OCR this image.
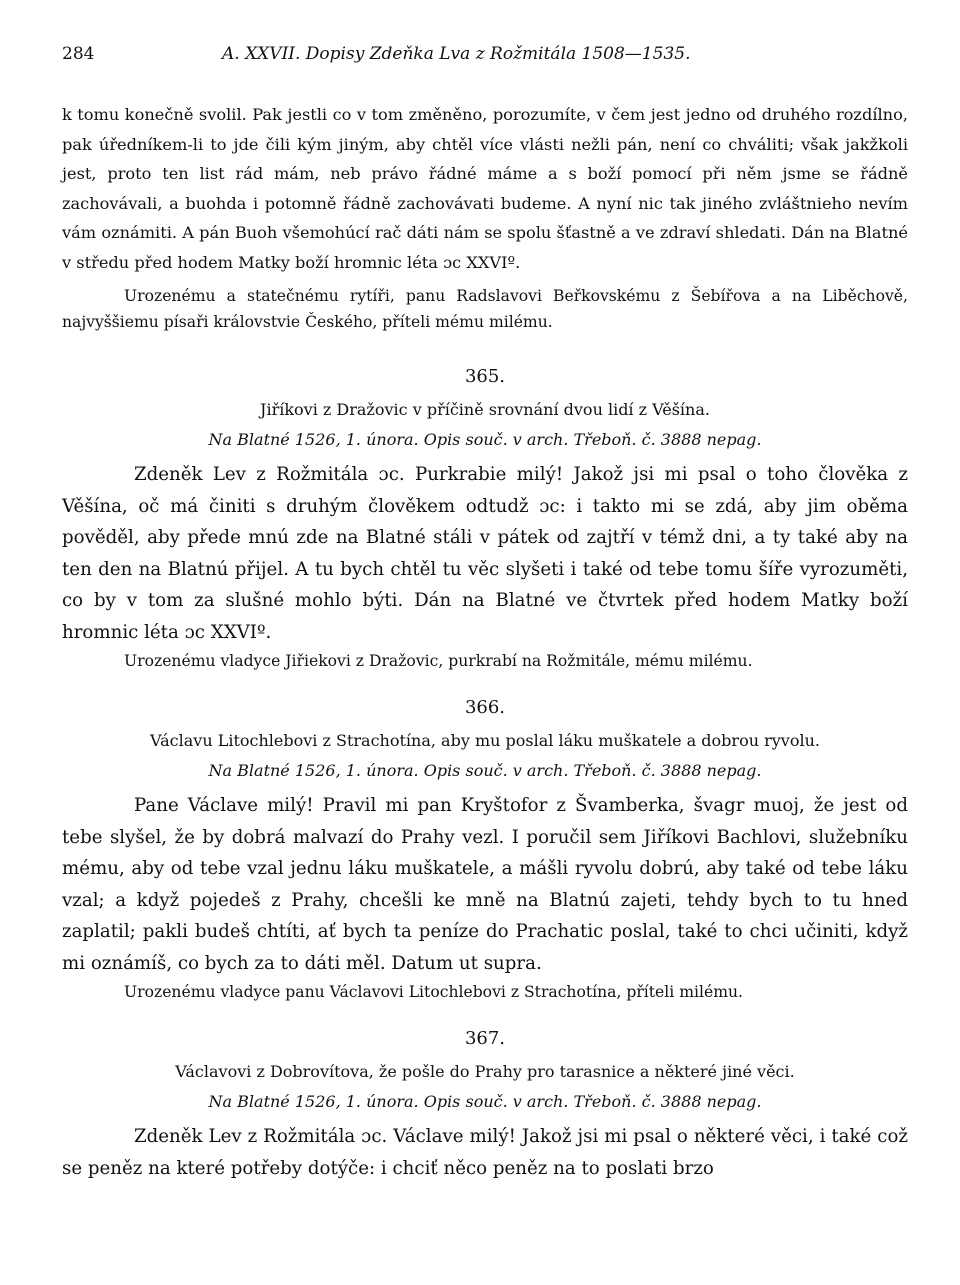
284	A. XXVII. Dopisy Zdeňka Lva z Rožmitála 1508—1535.

k tomu konečně svolil. Pak jestli co v tom změněno, porozumíte, v čem jest jedno od druhého rozdílno, pak úředníkem-li to jde čili kým jiným, aby chtěl více vlásti nežli pán, není co chváliti; však jakžkoli jest, proto ten list rád mám, neb právo řádné máme a s boží pomocí při něm jsme se řádně zachovávali, a buohda i potomně řádně zachovávati budeme. A nyní nic tak jiného zvláštnieho nevím vám oznámiti. A pán Buoh všemohúcí rač dáti nám se spolu šťastně a ve zdraví shledati. Dán na Blatné v středu před hodem Matky boží hromnic léta ɔc XXVIº.

Urozenému a statečnému rytíři, panu Radslavovi Beřkovskému z Šebířova a na Liběchově, najvyššiemu písaři královstvie Českého, příteli mému milému.

365.

Jiříkovi z Dražovic v příčině srovnání dvou lidí z Věšína.

Na Blatné 1526, 1. února. Opis souč. v arch. Třeboň. č. 3888 nepag.

Zdeněk Lev z Rožmitála ɔc. Purkrabie milý! Jakož jsi mi psal o toho člověka z Věšína, oč má činiti s druhým člověkem odtudž ɔc: i takto mi se zdá, aby jim oběma pověděl, aby přede mnú zde na Blatné stáli v pátek od zajtří v témž dni, a ty také aby na ten den na Blatnú přijel. A tu bych chtěl tu věc slyšeti i také od tebe tomu šíře vyrozuměti, co by v tom za slušné mohlo býti. Dán na Blatné ve čtvrtek před hodem Matky boží hromnic léta ɔc XXVIº.

Urozenému vladyce Jiřiekovi z Dražovic, purkrabí na Rožmitále, mému milému.

366.

Václavu Litochlebovi z Strachotína, aby mu poslal láku muškatele a dobrou ryvolu.

Na Blatné 1526, 1. února. Opis souč. v arch. Třeboň. č. 3888 nepag.

Pane Václave milý! Pravil mi pan Kryštofor z Švamberka, švagr muoj, že jest od tebe slyšel, že by dobrá malvazí do Prahy vezl. I poručil sem Jiříkovi Bachlovi, služebníku mému, aby od tebe vzal jednu láku muškatele, a mášli ryvolu dobrú, aby také od tebe láku vzal; a když pojedeš z Prahy, chcešli ke mně na Blatnú zajeti, tehdy bych to tu hned zaplatil; pakli budeš chtíti, ať bych ta peníze do Prachatic poslal, také to chci učiniti, když mi oznámíš, co bych za to dáti měl. Datum ut supra.

Urozenému vladyce panu Václavovi Litochlebovi z Strachotína, příteli milému.

367.

Václavovi z Dobrovítova, že pošle do Prahy pro tarasnice a některé jiné věci.

Na Blatné 1526, 1. února. Opis souč. v arch. Třeboň. č. 3888 nepag.

Zdeněk Lev z Rožmitála ɔc. Václave milý! Jakož jsi mi psal o některé věci, i také což se peněz na které potřeby dotýče: i chciť něco peněz na to poslati brzo
